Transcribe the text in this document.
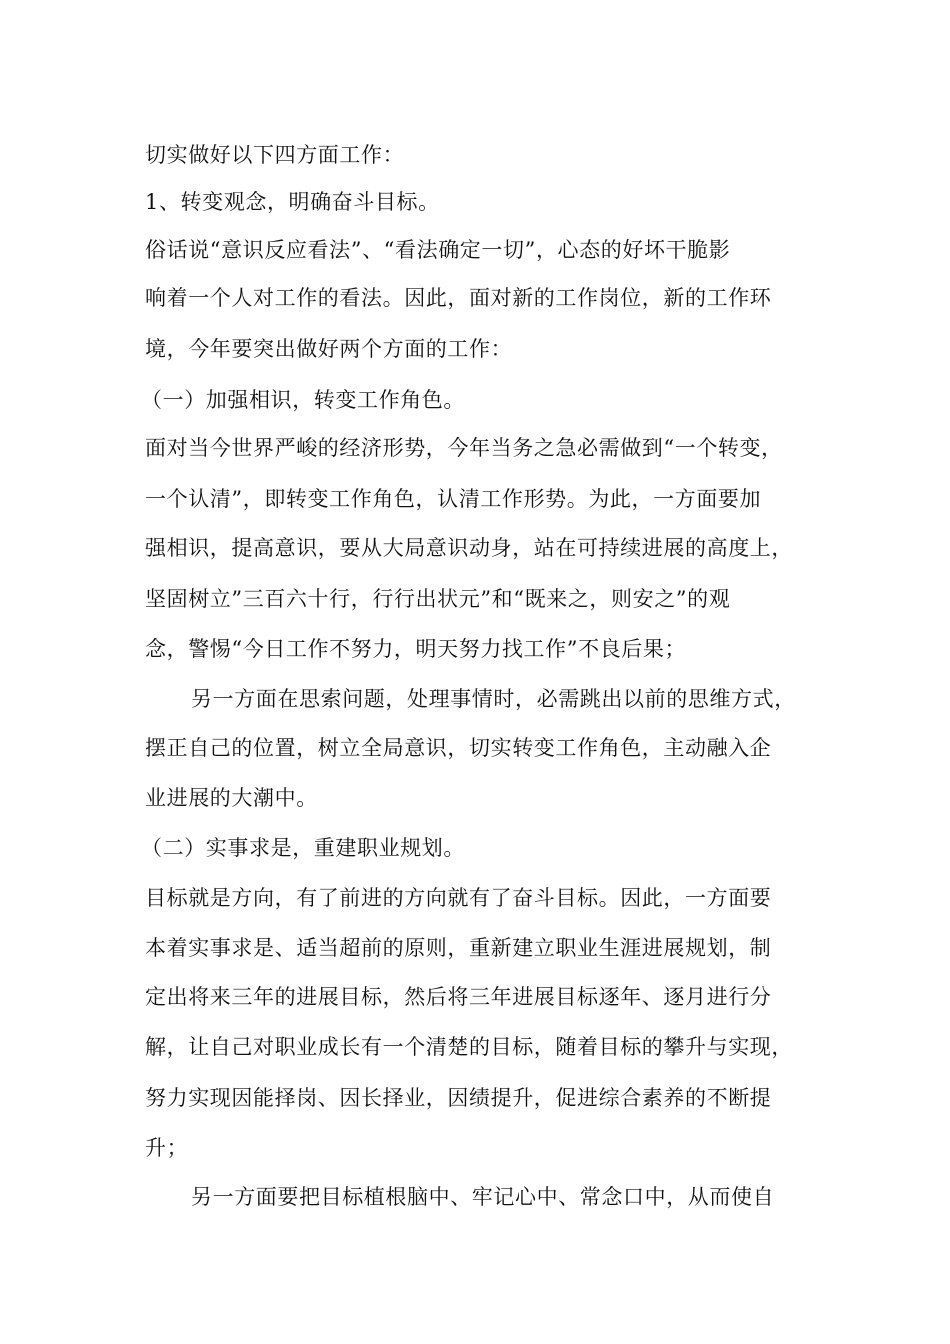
切实做好以下四方面工作：
1、转变观念，明确奋斗目标。
俗话说“意识反应看法”、“看法确定一切”，心态的好坏干脆影
响着一个人对工作的看法。因此，面对新的工作岗位，新的工作环
境，今年要突出做好两个方面的工作：
（一）加强相识，转变工作角色。
面对当今世界严峻的经济形势，今年当务之急必需做到“一个转变，
一个认清”，即转变工作角色，认清工作形势。为此，一方面要加
强相识，提高意识，要从大局意识动身，站在可持续进展的高度上，
坚固树立”三百六十行，行行出状元”和“既来之，则安之”的观
念，警惕“今日工作不努力，明天努力找工作”不良后果；
另一方面在思索问题，处理事情时，必需跳出以前的思维方式，
摆正自己的位置，树立全局意识，切实转变工作角色，主动融入企
业进展的大潮中。
（二）实事求是，重建职业规划。
目标就是方向，有了前进的方向就有了奋斗目标。因此，一方面要
本着实事求是、适当超前的原则，重新建立职业生涯进展规划，制
定出将来三年的进展目标，然后将三年进展目标逐年、逐月进行分
解，让自己对职业成长有一个清楚的目标，随着目标的攀升与实现，
努力实现因能择岗、因长择业，因绩提升，促进综合素养的不断提
升；
另一方面要把目标植根脑中、牢记心中、常念口中，从而使自
